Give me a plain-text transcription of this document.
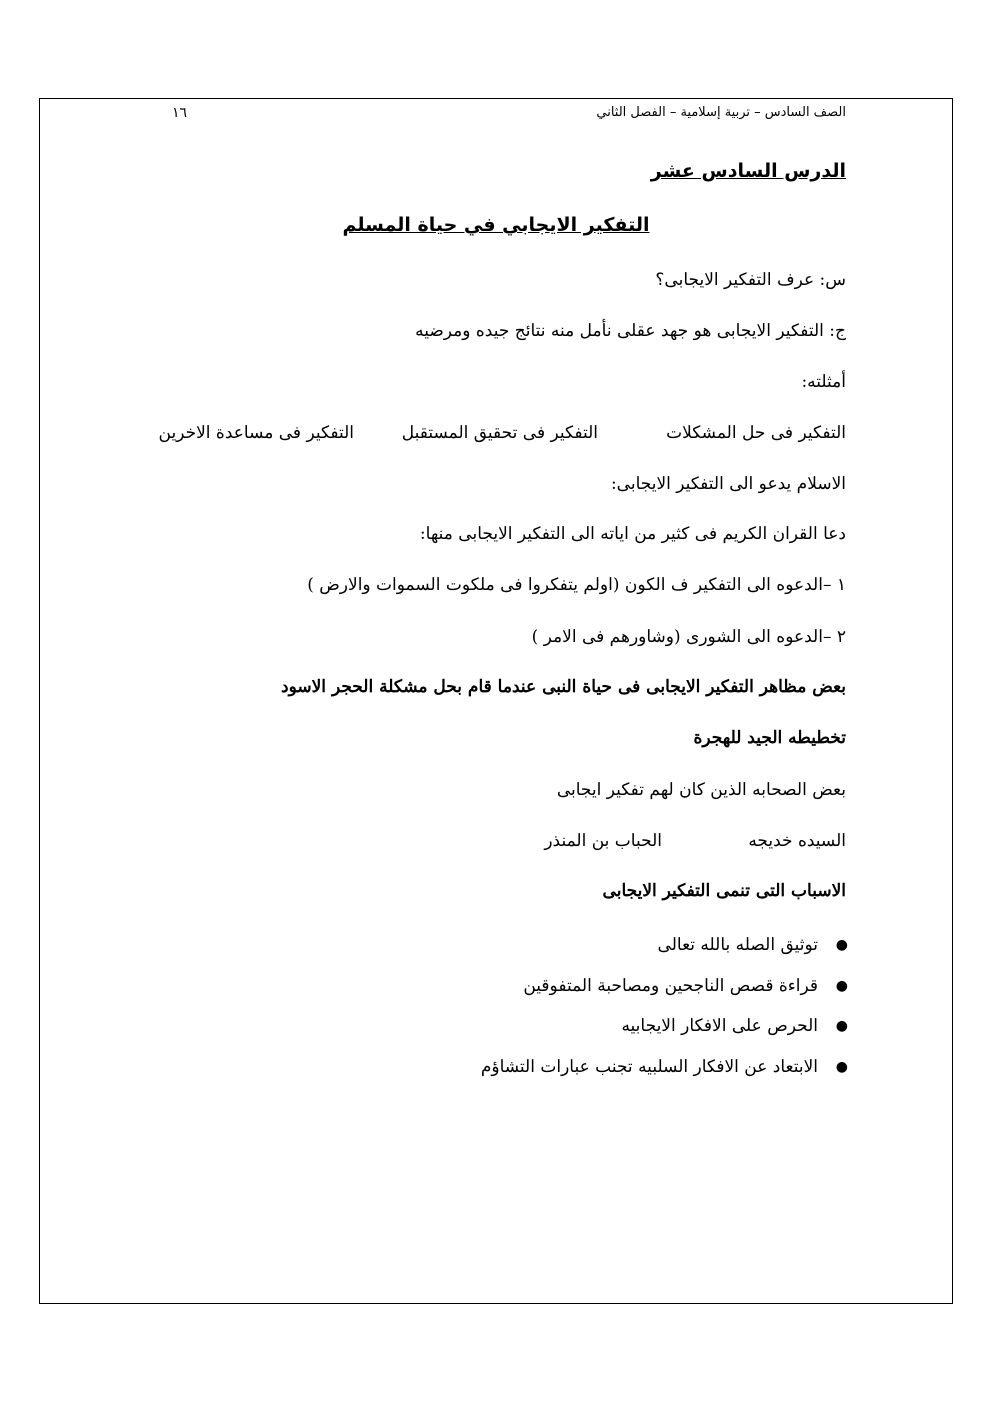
١٦	الصف السادس – تربية إسلامية – الفصل الثاني
الدرس السادس عشر
التفكير الايجابي في حياة المسلم
س: عرف التفكير الايجابى؟
ج: التفكير الايجابى هو جهد عقلى نأمل منه نتائج جيده ومرضيه
أمثلته:
التفكير فى حل المشكلات
التفكير فى تحقيق المستقبل
التفكير فى مساعدة الاخرين
الاسلام يدعو الى التفكير الايجابى:
دعا القران الكريم فى كثير من اياته الى التفكير الايجابى منها:
١ –الدعوه الى التفكير ف الكون (اولم يتفكروا فى ملكوت السموات والارض )
٢ –الدعوه الى الشورى (وشاورهم فى الامر )
بعض مظاهر التفكير الايجابى فى حياة النبى عندما قام بحل مشكلة الحجر الاسود
تخطيطه الجيد للهجرة
بعض الصحابه الذين كان لهم تفكير ايجابى
السيده خديجه
الحباب بن المنذر
الاسباب التى تنمى التفكير الايجابى
●
توثيق الصله بالله تعالى
●
قراءة قصص الناجحين ومصاحبة المتفوقين
●
الحرص على الافكار الايجابيه
●
الابتعاد عن الافكار السلبيه تجنب عبارات التشاؤم
